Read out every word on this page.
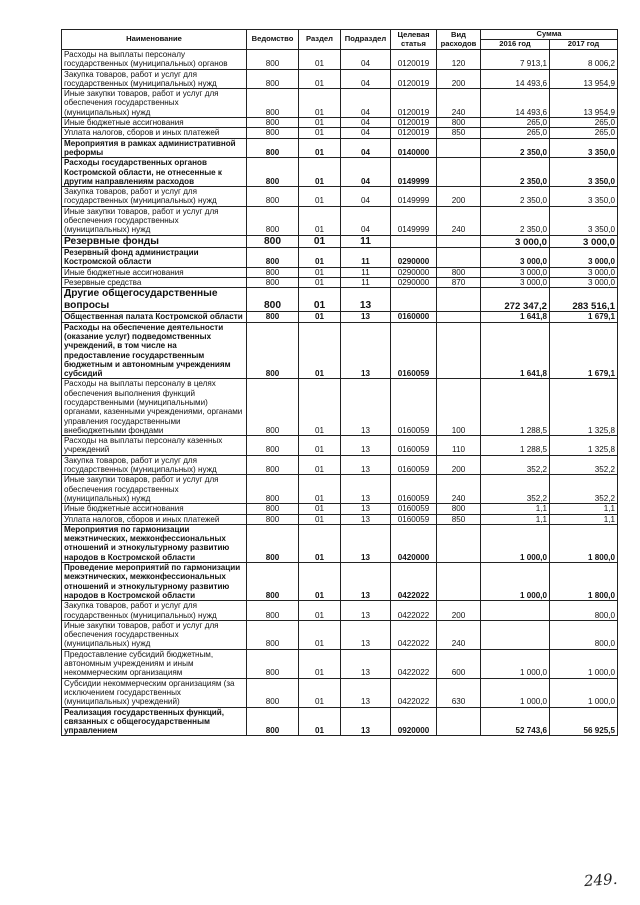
Наименование	Ведомство	Раздел	Подраздел	Целевая статья	Вид расходов	Сумма	
						2016 год	2017 год
Расходы на выплаты персоналу государственных (муниципальных) органов	800	01	04	0120019	120	7 913,1	8 006,2
Закупка товаров, работ и услуг для государственных (муниципальных) нужд	800	01	04	0120019	200	14 493,6	13 954,9
Иные закупки товаров, работ и услуг для обеспечения государственных (муниципальных) нужд	800	01	04	0120019	240	14 493,6	13 954,9
Иные бюджетные ассигнования	800	01	04	0120019	800	265,0	265,0
Уплата налогов, сборов и иных платежей	800	01	04	0120019	850	265,0	265,0
Мероприятия в рамках административной реформы	800	01	04	0140000		2 350,0	3 350,0
Расходы государственных органов Костромской области, не отнесенные к другим направлениям расходов	800	01	04	0149999		2 350,0	3 350,0
Закупка товаров, работ и услуг для государственных (муниципальных) нужд	800	01	04	0149999	200	2 350,0	3 350,0
Иные закупки товаров, работ и услуг для обеспечения государственных (муниципальных) нужд	800	01	04	0149999	240	2 350,0	3 350,0
Резервные фонды	800	01	11			3 000,0	3 000,0
Резервный фонд администрации Костромской области	800	01	11	0290000		3 000,0	3 000,0
Иные бюджетные ассигнования	800	01	11	0290000	800	3 000,0	3 000,0
Резервные средства	800	01	11	0290000	870	3 000,0	3 000,0
Другие общегосударственные вопросы	800	01	13			272 347,2	283 516,1
Общественная палата Костромской области	800	01	13	0160000		1 641,8	1 679,1
Расходы на обеспечение деятельности (оказание услуг) подведомственных учреждений, в том числе на предоставление государственным бюджетным и автономным учреждениям субсидий	800	01	13	0160059		1 641,8	1 679,1
Расходы на выплаты персоналу в целях обеспечения выполнения функций государственными (муниципальными) органами, казенными учреждениями, органами управления государственными внебюджетными фондами	800	01	13	0160059	100	1 288,5	1 325,8
Расходы на выплаты персоналу казенных учреждений	800	01	13	0160059	110	1 288,5	1 325,8
Закупка товаров, работ и услуг для государственных (муниципальных) нужд	800	01	13	0160059	200	352,2	352,2
Иные закупки товаров, работ и услуг для обеспечения государственных (муниципальных) нужд	800	01	13	0160059	240	352,2	352,2
Иные бюджетные ассигнования	800	01	13	0160059	800	1,1	1,1
Уплата налогов, сборов и иных платежей	800	01	13	0160059	850	1,1	1,1
Мероприятия по гармонизации межэтнических, межконфессиональных отношений и этнокультурному развитию народов в Костромской области	800	01	13	0420000		1 000,0	1 800,0
Проведение мероприятий по гармонизации межэтнических, межконфессиональных отношений и этнокультурному развитию народов в Костромской области	800	01	13	0422022		1 000,0	1 800,0
Закупка товаров, работ и услуг для государственных (муниципальных) нужд	800	01	13	0422022	200		800,0
Иные закупки товаров, работ и услуг для обеспечения государственных (муниципальных) нужд	800	01	13	0422022	240		800,0
Предоставление субсидий бюджетным, автономным учреждениям и иным некоммерческим организациям	800	01	13	0422022	600	1 000,0	1 000,0
Субсидии некоммерческим организациям (за исключением государственных (муниципальных) учреждений)	800	01	13	0422022	630	1 000,0	1 000,0
Реализация государственных функций, связанных с общегосударственным управлением	800	01	13	0920000		52 743,6	56 925,5
249.
